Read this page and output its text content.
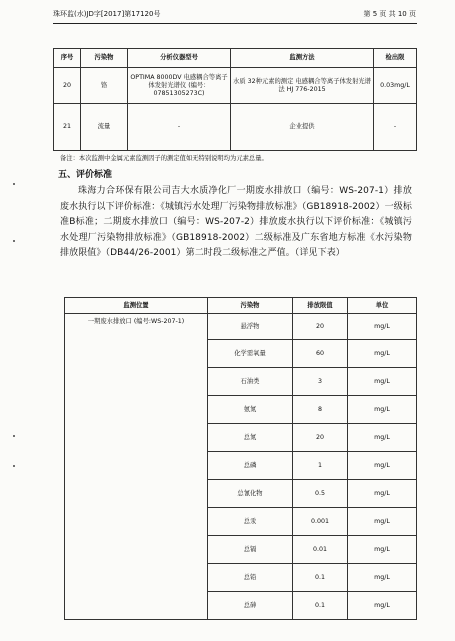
珠环监(水)JD字[2017]第17120号	第 5 页 共 10 页
序号	污染物	分析仪器型号	监测方法	检出限
20	铬	OPTIMA 8000DV 电感耦合等离子体发射光谱仪 (编号：07851305273C)	水质 32种元素的测定 电感耦合等离子体发射光谱法 HJ 776-2015	0.03mg/L
21	流量	-	企业提供	-
备注：本次监测中金属元素监测因子的测定值如无特别说明均为元素总量。
五、评价标准
珠海力合环保有限公司吉大水质净化厂一期废水排放口（编号：WS-207-1）排放废水执行以下评价标准：《城镇污水处理厂污染物排放标准》（GB18918-2002）一级标准B标准；二期废水排放口（编号：WS-207-2）排放废水执行以下评价标准：《城镇污水处理厂污染物排放标准》（GB18918-2002）二级标准及广东省地方标准《水污染物排放限值》（DB44/26-2001）第二时段二级标准之严值。（详见下表）
监测位置	污染物	排放限值	单位
一期废水排放口 (编号:WS-207-1)	悬浮物	20	mg/L
	化学需氧量	60	mg/L
	石油类	3	mg/L
	氨氮	8	mg/L
	总氮	20	mg/L
	总磷	1	mg/L
	总氰化物	0.5	mg/L
	总汞	0.001	mg/L
	总镉	0.01	mg/L
	总铅	0.1	mg/L
	总砷	0.1	mg/L
